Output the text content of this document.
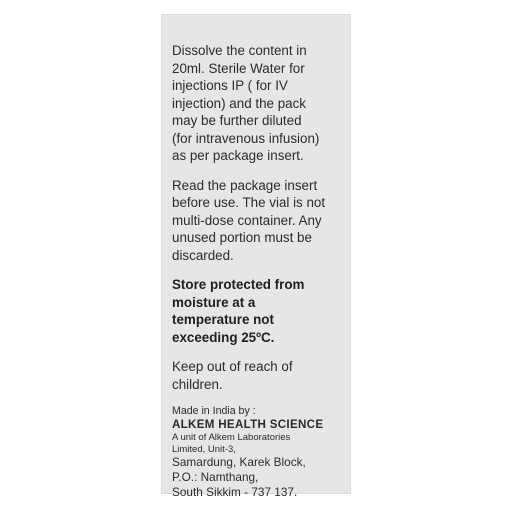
Dissolve the content in
20ml. Sterile Water for
injections IP ( for IV
injection) and the pack
may be further diluted
(for intravenous infusion)
as per package insert.

Read the package insert
before use. The vial is not
multi-dose container. Any
unused portion must be
discarded.

Store protected from
moisture at a
temperature not
exceeding 25ºC.

Keep out of reach of
children.

Made in India by :
ALKEM HEALTH SCIENCE
A unit of Alkem Laboratories
Limited, Unit-3,
Samardung, Karek Block,
P.O.: Namthang,
South Sikkim - 737 137.
